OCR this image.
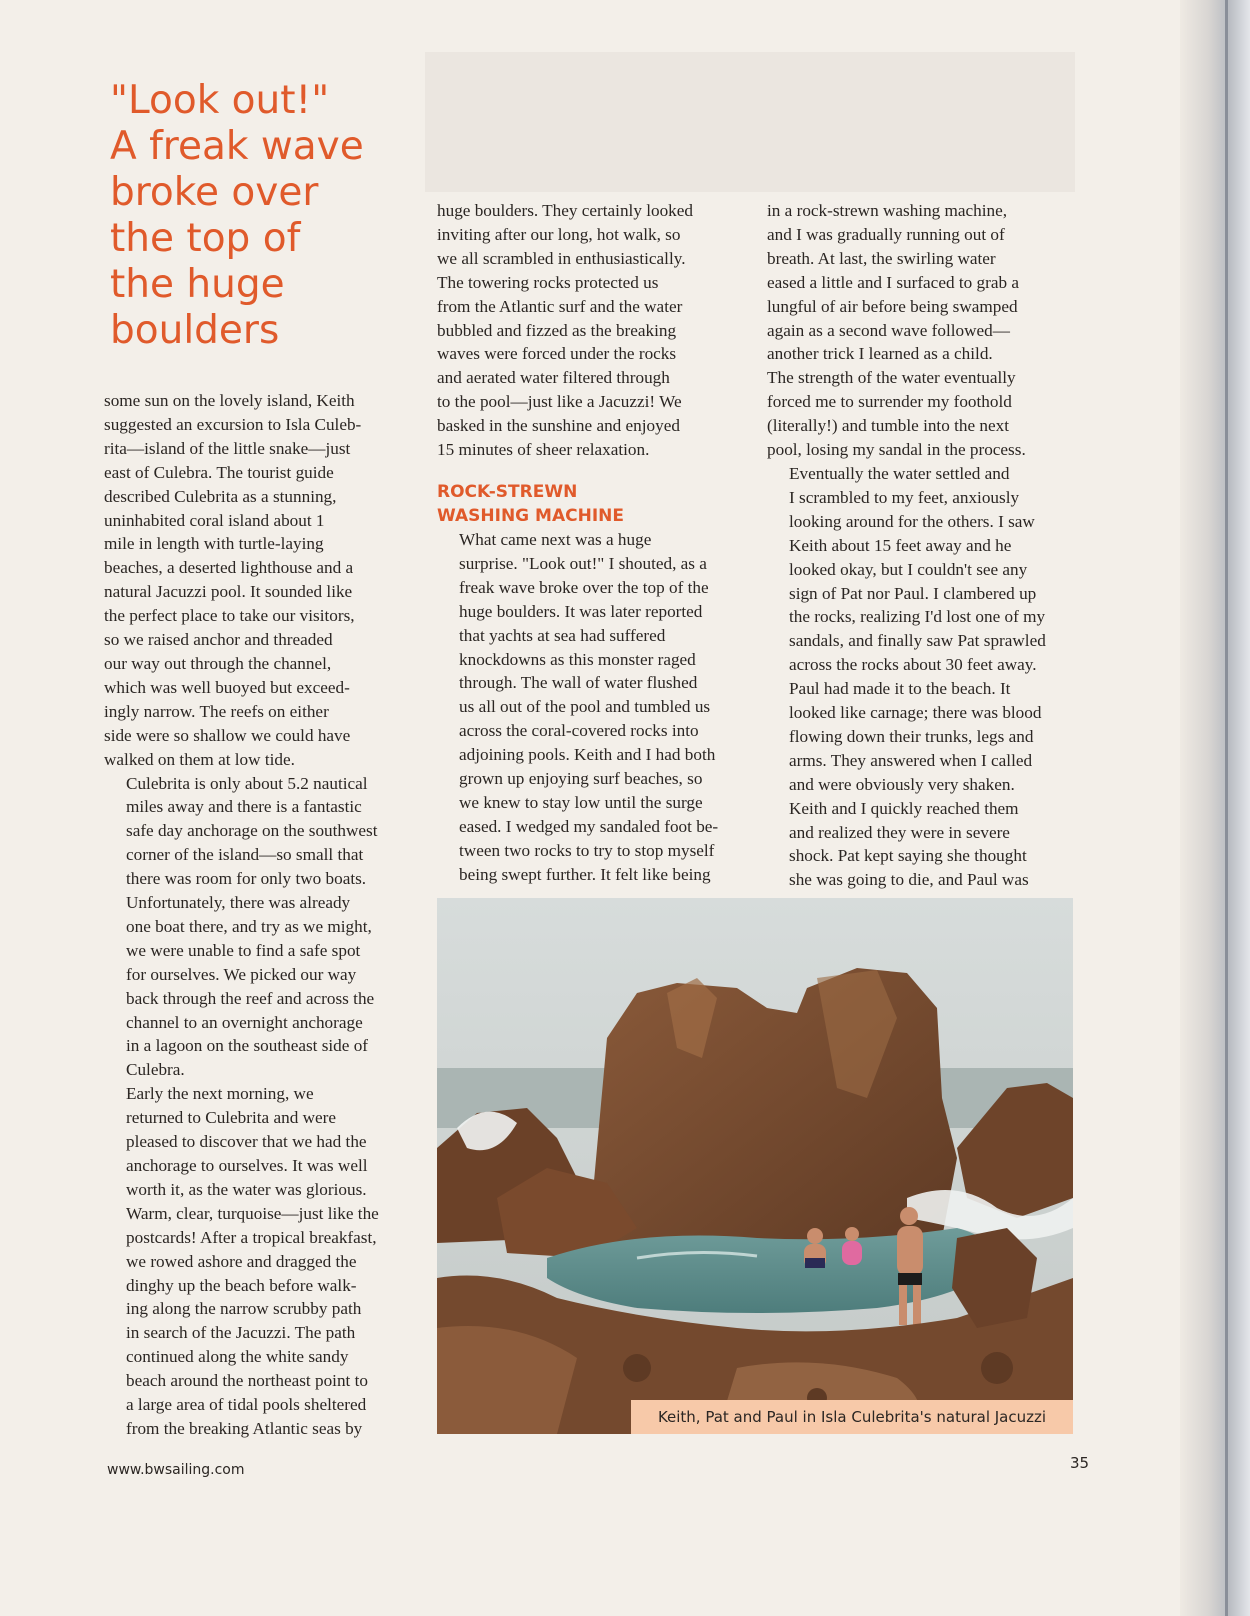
"Look out!"
A freak wave
broke over
the top of
the huge
boulders

some sun on the lovely island, Keith
suggested an excursion to Isla Culeb-
rita—island of the little snake—just
east of Culebra. The tourist guide
described Culebrita as a stunning,
uninhabited coral island about 1
mile in length with turtle-laying
beaches, a deserted lighthouse and a
natural Jacuzzi pool. It sounded like
the perfect place to take our visitors,
so we raised anchor and threaded
our way out through the channel,
which was well buoyed but exceed-
ingly narrow. The reefs on either
side were so shallow we could have
walked on them at low tide.

Culebrita is only about 5.2 nautical
miles away and there is a fantastic
safe day anchorage on the southwest
corner of the island—so small that
there was room for only two boats.
Unfortunately, there was already
one boat there, and try as we might,
we were unable to find a safe spot
for ourselves. We picked our way
back through the reef and across the
channel to an overnight anchorage
in a lagoon on the southeast side of
Culebra.

Early the next morning, we
returned to Culebrita and were
pleased to discover that we had the
anchorage to ourselves. It was well
worth it, as the water was glorious.
Warm, clear, turquoise—just like the
postcards! After a tropical breakfast,
we rowed ashore and dragged the
dinghy up the beach before walk-
ing along the narrow scrubby path
in search of the Jacuzzi. The path
continued along the white sandy
beach around the northeast point to
a large area of tidal pools sheltered
from the breaking Atlantic seas by

huge boulders. They certainly looked
inviting after our long, hot walk, so
we all scrambled in enthusiastically.
The towering rocks protected us
from the Atlantic surf and the water
bubbled and fizzed as the breaking
waves were forced under the rocks
and aerated water filtered through
to the pool—just like a Jacuzzi! We
basked in the sunshine and enjoyed
15 minutes of sheer relaxation.

ROCK-STREWN
WASHING MACHINE

What came next was a huge
surprise. "Look out!" I shouted, as a
freak wave broke over the top of the
huge boulders. It was later reported
that yachts at sea had suffered
knockdowns as this monster raged
through. The wall of water flushed
us all out of the pool and tumbled us
across the coral-covered rocks into
adjoining pools. Keith and I had both
grown up enjoying surf beaches, so
we knew to stay low until the surge
eased. I wedged my sandaled foot be-
tween two rocks to try to stop myself
being swept further. It felt like being

in a rock-strewn washing machine,
and I was gradually running out of
breath. At last, the swirling water
eased a little and I surfaced to grab a
lungful of air before being swamped
again as a second wave followed—
another trick I learned as a child.
The strength of the water eventually
forced me to surrender my foothold
(literally!) and tumble into the next
pool, losing my sandal in the process.

Eventually the water settled and
I scrambled to my feet, anxiously
looking around for the others. I saw
Keith about 15 feet away and he
looked okay, but I couldn't see any
sign of Pat nor Paul. I clambered up
the rocks, realizing I'd lost one of my
sandals, and finally saw Pat sprawled
across the rocks about 30 feet away.
Paul had made it to the beach. It
looked like carnage; there was blood
flowing down their trunks, legs and
arms. They answered when I called
and were obviously very shaken.
Keith and I quickly reached them
and realized they were in severe
shock. Pat kept saying she thought
she was going to die, and Paul was

Keith, Pat and Paul in Isla Culebrita's natural Jacuzzi
www.bwsailing.com	35
